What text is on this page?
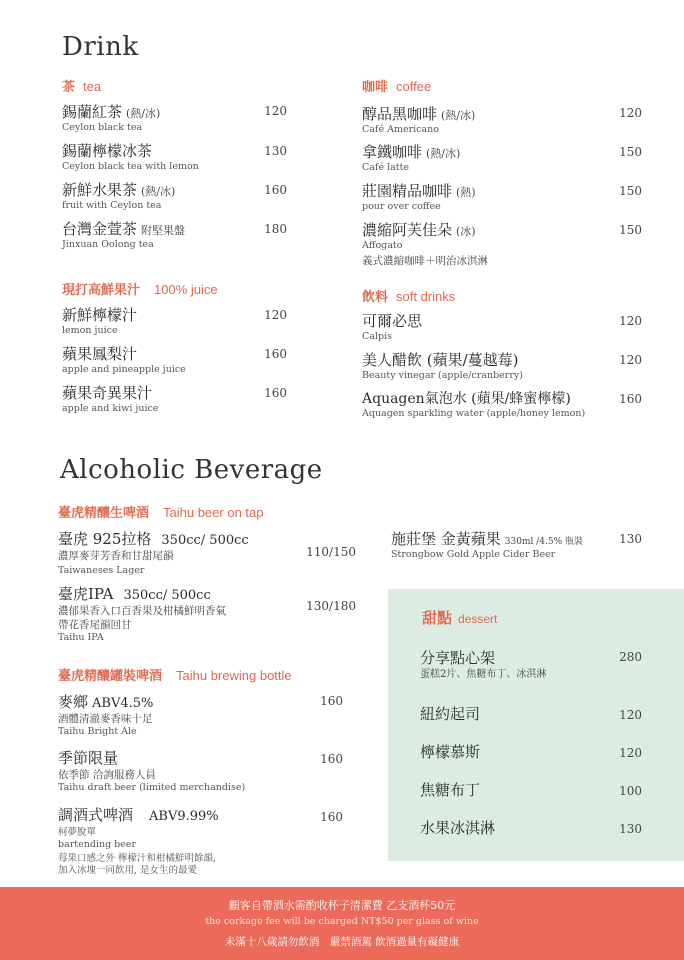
Drink
茶 tea
錫蘭紅茶 (熱/冰)
Ceylon black tea
120
錫蘭檸檬冰茶
Ceylon black tea with lemon
130
新鮮水果茶 (熱/冰)
fruit with Ceylon tea
160
台灣金萱茶 附堅果盤
Jinxuan Oolong tea
180
現打高鮮果汁 100% juice
新鮮檸檬汁
lemon juice
120
蘋果鳳梨汁
apple and pineapple juice
160
蘋果奇異果汁
apple and kiwi juice
160
咖啡 coffee
醇品黑咖啡 (熱/冰)
Café Americano
120
拿鐵咖啡 (熱/冰)
Café latte
150
莊園精品咖啡 (熱)
pour over coffee
150
濃縮阿芙佳朵 (冰)
Affogato
義式濃縮咖啡＋明治冰淇淋
150
飲料 soft drinks
可爾必思
Calpis
120
美人醋飲 (蘋果/蔓越莓)
Beauty vinegar (apple/cranberry)
120
Aquagen氣泡水 (蘋果/蜂蜜檸檬)
Aquagen sparkling water (apple/honey lemon)
160
Alcoholic Beverage
臺虎精釀生啤酒 Taihu beer on tap
臺虎 925拉格 350cc/ 500cc
濃厚麥芽芳香和甘甜尾韻
Taiwaneses Lager
110/150
臺虎IPA 350cc/ 500cc
濃郁果香入口百香果及柑橘鮮明香氣
帶花香尾韻回甘
Taihu IPA
130/180
施莊堡 金黃蘋果 330ml /4.5% 瓶裝
Strongbow Gold Apple Cider Beer
130
臺虎精釀罐裝啤酒 Taihu brewing bottle
麥鄉 ABV4.5%
酒體清澈麥香味十足
Taihu Bright Ale
160
季節限量
依季節 洽詢服務人員
Taihu draft beer (limited merchandise)
160
調酒式啤酒 ABV9.99%
柯夢脫單
bartending beer
莓果口感之外 檸檬汁和柑橘鮮明餘韻,
加入冰塊一同飲用, 是女生的最愛
160
甜點 dessert
分享點心架
蛋糕2片、焦糖布丁、冰淇淋
280
紐約起司	120
檸檬慕斯	120
焦糖布丁	100
水果冰淇淋	130
顧客自帶酒水需酌收杯子清潔費 乙支酒杯50元
the corkage fee will be charged NT$50 per glass of wine
未滿十八歲請勿飲酒　嚴禁酒駕 飲酒過量有礙健康
